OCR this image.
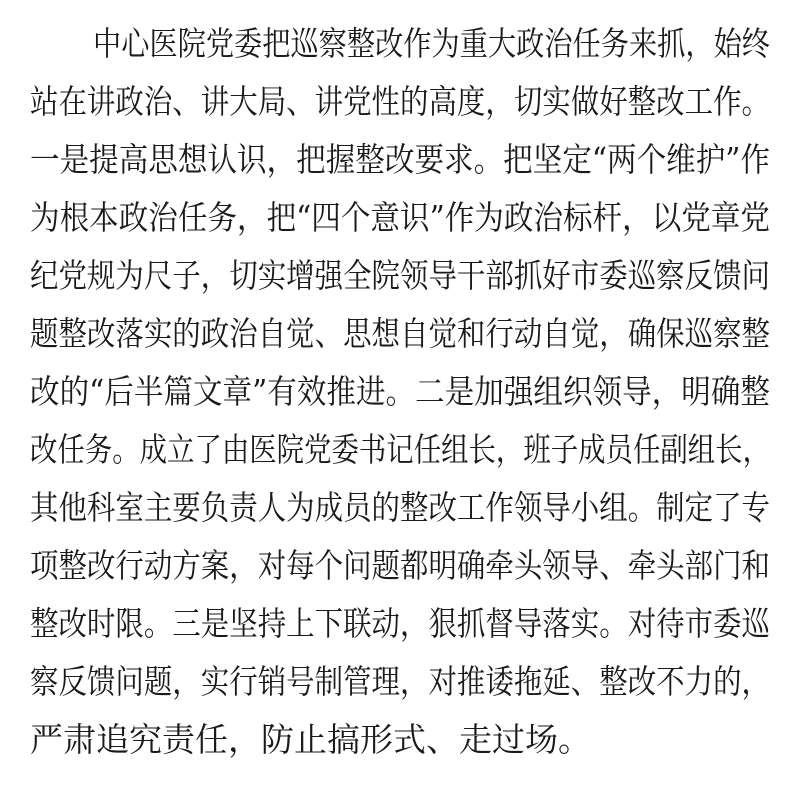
中心医院党委把巡察整改作为重大政治任务来抓，始终
站在讲政治、讲大局、讲党性的高度，切实做好整改工作。
一是提高思想认识，把握整改要求。把坚定“两个维护”作
为根本政治任务，把“四个意识”作为政治标杆，以党章党
纪党规为尺子，切实增强全院领导干部抓好市委巡察反馈问
题整改落实的政治自觉、思想自觉和行动自觉，确保巡察整
改的“后半篇文章”有效推进。二是加强组织领导，明确整
改任务。成立了由医院党委书记任组长，班子成员任副组长，
其他科室主要负责人为成员的整改工作领导小组。制定了专
项整改行动方案，对每个问题都明确牵头领导、牵头部门和
整改时限。三是坚持上下联动，狠抓督导落实。对待市委巡
察反馈问题，实行销号制管理，对推诿拖延、整改不力的，
严肃追究责任，防止搞形式、走过场。
